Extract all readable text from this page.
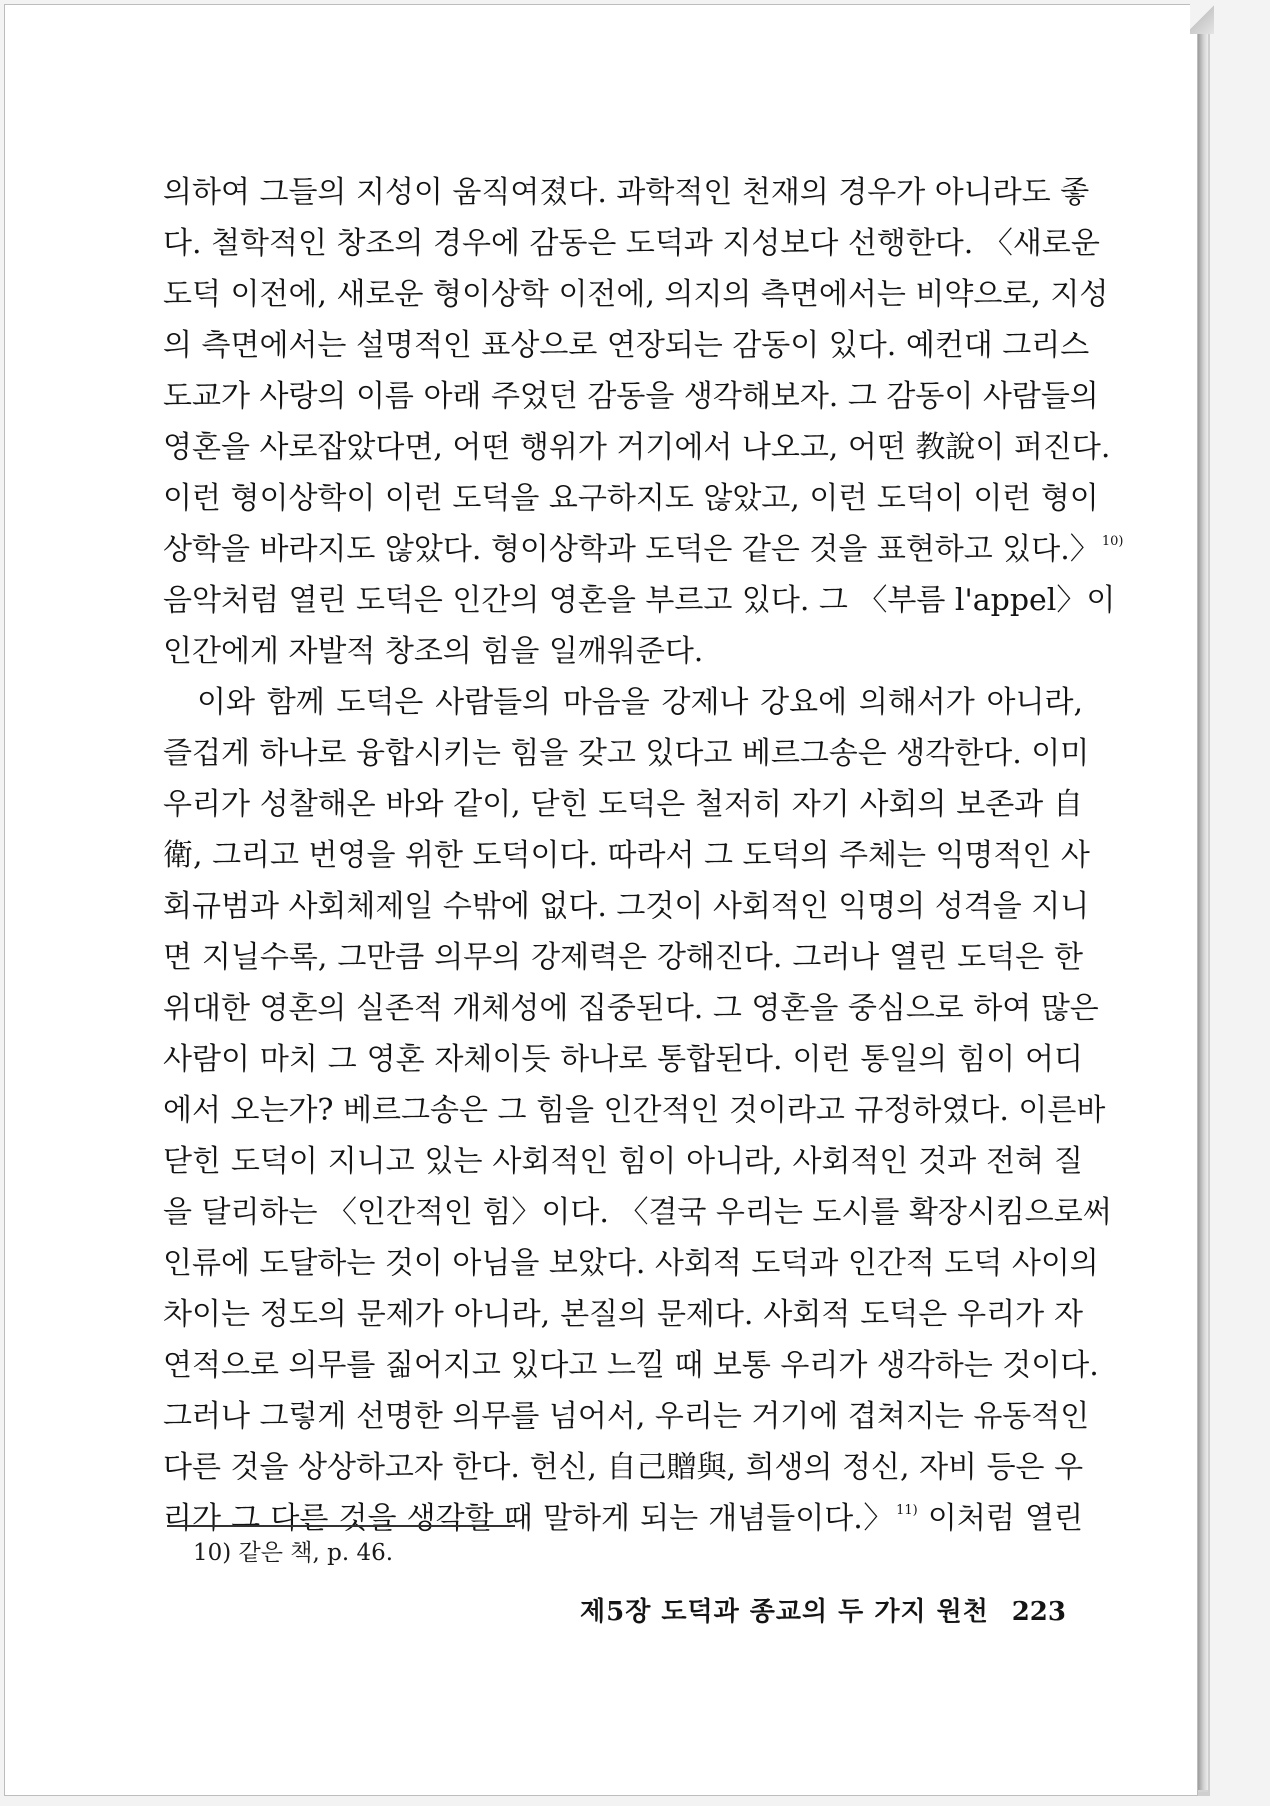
의하여 그들의 지성이 움직여졌다. 과학적인 천재의 경우가 아니라도 좋
다. 철학적인 창조의 경우에 감동은 도덕과 지성보다 선행한다. 〈새로운
도덕 이전에, 새로운 형이상학 이전에, 의지의 측면에서는 비약으로, 지성
의 측면에서는 설명적인 표상으로 연장되는 감동이 있다. 예컨대 그리스
도교가 사랑의 이름 아래 주었던 감동을 생각해보자. 그 감동이 사람들의
영혼을 사로잡았다면, 어떤 행위가 거기에서 나오고, 어떤 教說이 퍼진다.
이런 형이상학이 이런 도덕을 요구하지도 않았고, 이런 도덕이 이런 형이
상학을 바라지도 않았다. 형이상학과 도덕은 같은 것을 표현하고 있다.〉 $^{10)}$
음악처럼 열린 도덕은 인간의 영혼을 부르고 있다. 그 〈부름 l'appel〉이
인간에게 자발적 창조의 힘을 일깨워준다.
이와 함께 도덕은 사람들의 마음을 강제나 강요에 의해서가 아니라,
즐겁게 하나로 융합시키는 힘을 갖고 있다고 베르그송은 생각한다. 이미
우리가 성찰해온 바와 같이, 닫힌 도덕은 철저히 자기 사회의 보존과 自
衛, 그리고 번영을 위한 도덕이다. 따라서 그 도덕의 주체는 익명적인 사
회규범과 사회체제일 수밖에 없다. 그것이 사회적인 익명의 성격을 지니
면 지닐수록, 그만큼 의무의 강제력은 강해진다. 그러나 열린 도덕은 한
위대한 영혼의 실존적 개체성에 집중된다. 그 영혼을 중심으로 하여 많은
사람이 마치 그 영혼 자체이듯 하나로 통합된다. 이런 통일의 힘이 어디
에서 오는가? 베르그송은 그 힘을 인간적인 것이라고 규정하였다. 이른바
닫힌 도덕이 지니고 있는 사회적인 힘이 아니라, 사회적인 것과 전혀 질
을 달리하는 〈인간적인 힘〉이다. 〈결국 우리는 도시를 확장시킴으로써
인류에 도달하는 것이 아님을 보았다. 사회적 도덕과 인간적 도덕 사이의
차이는 정도의 문제가 아니라, 본질의 문제다. 사회적 도덕은 우리가 자
연적으로 의무를 짊어지고 있다고 느낄 때 보통 우리가 생각하는 것이다.
그러나 그렇게 선명한 의무를 넘어서, 우리는 거기에 겹쳐지는 유동적인
다른 것을 상상하고자 한다. 헌신, 自己贈與, 희생의 정신, 자비 등은 우
리가 그 다른 것을 생각할 때 말하게 되는 개념들이다.〉 $^{11)}$ 이처럼 열린
10) 같은 책, p. 46.
제5장 도덕과 종교의 두 가지 원천 223
